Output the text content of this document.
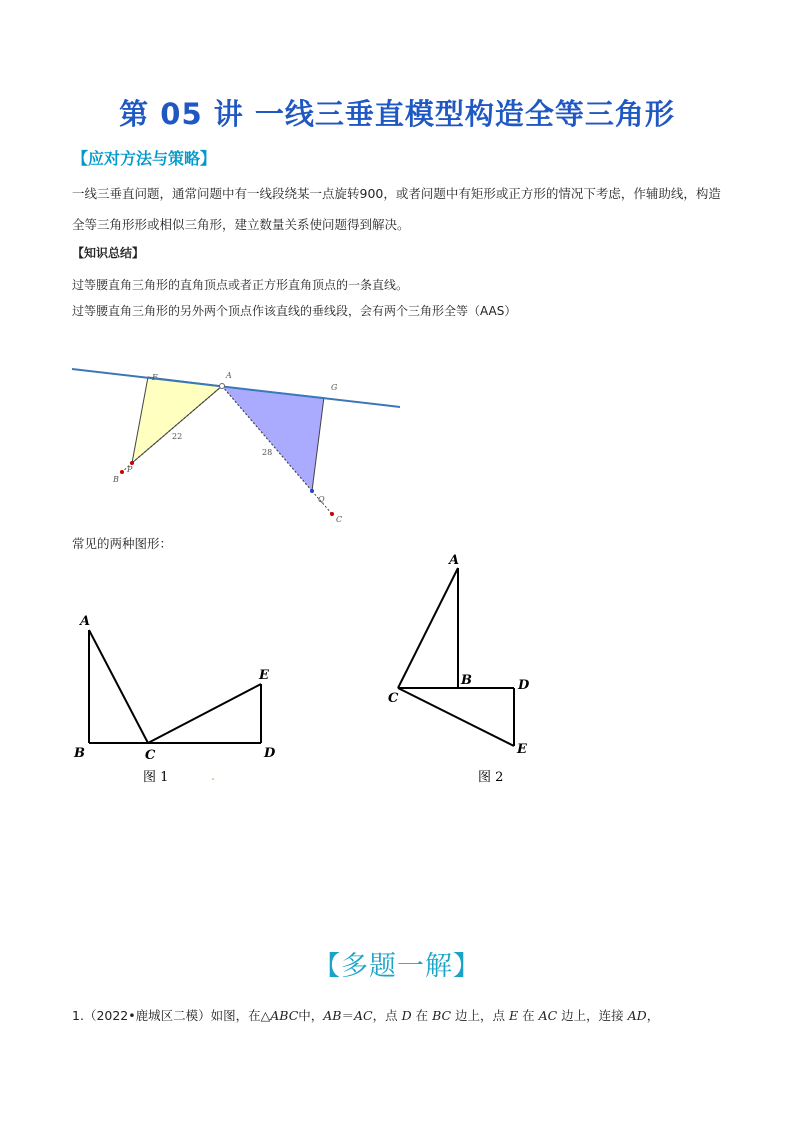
第 05 讲 一线三垂直模型构造全等三角形
【应对方法与策略】
一线三垂直问题，通常问题中有一线段绕某一点旋转900，或者问题中有矩形或正方形的情况下考虑，作辅助线，构造全等三角形形或相似三角形，建立数量关系使问题得到解决。
【知识总结】
过等腰直角三角形的直角顶点或者正方形直角顶点的一条直线。
过等腰直角三角形的另外两个顶点作该直线的垂线段，会有两个三角形全等（AAS）
F	A
G
P
B
Q
C
22
28
常见的两种图形：
A
B	C	D
E
图 1
A
B
C
D
E
图 2
【多题一解】
1.（2022•鹿城区二模）如图，在△ABC中，AB＝AC，点 D 在 BC 边上，点 E 在 AC 边上，连接 AD，
